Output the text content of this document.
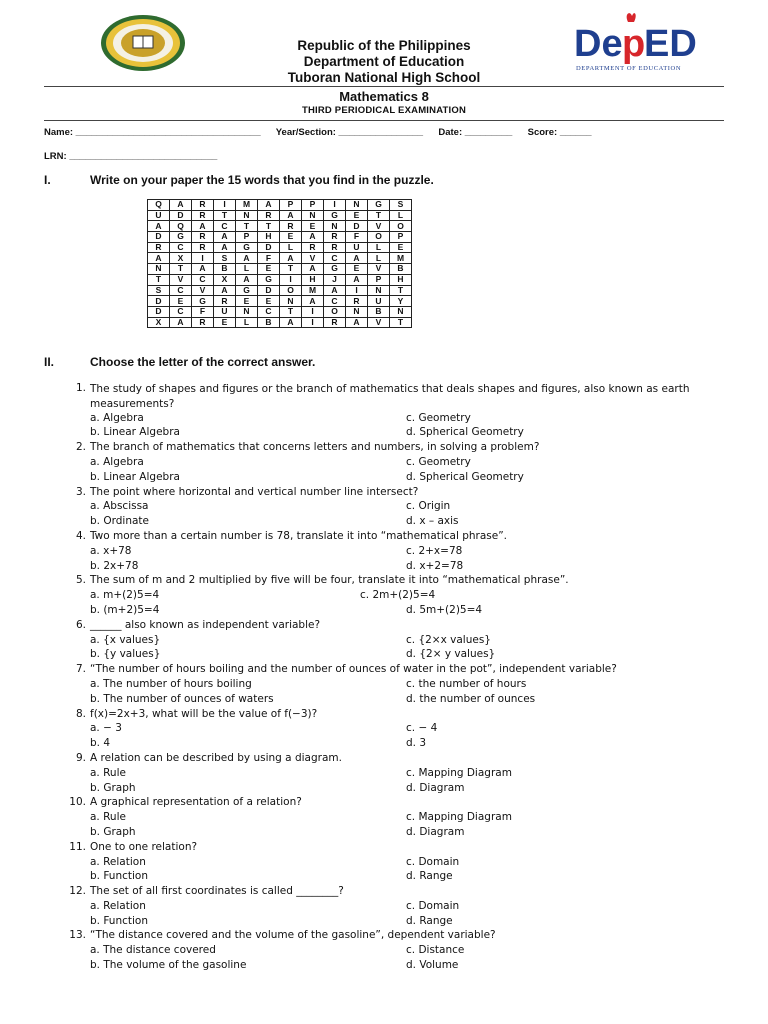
De p
ED
DEPARTMENT OF EDUCATION
Republic of the Philippines
Department of Education
Tuboran National High School
Mathematics 8
THIRD PERIODICAL EXAMINATION
Name: ___________________________________ Year/Section: ________________ Date: _________ Score: ______
LRN: ____________________________
I.	Write on your paper the 15 words that you find in the puzzle.
Q	A	R	I	M	A	P	P	I	N	G	S
U	D	R	T	N	R	A	N	G	E	T	L
A	Q	A	C	T	T	R	E	N	D	V	O
D	G	R	A	P	H	E	A	R	F	O	P
R	C	R	A	G	D	L	R	R	U	L	E
A	X	I	S	A	F	A	V	C	A	L	M
N	T	A	B	L	E	T	A	G	E	V	B
T	V	C	X	A	G	I	H	J	A	P	H
S	C	V	A	G	D	O	M	A	I	N	T
D	E	G	R	E	E	N	A	C	R	U	Y
D	C	F	U	N	C	T	I	O	N	B	N
X	A	R	E	L	B	A	I	R	A	V	T
II.	Choose the letter of the correct answer.
1. The study of shapes and figures or the branch of mathematics that deals shapes and figures, also known as earth measurements?
a. Algebra	c. Geometry
b. Linear Algebra	d. Spherical Geometry
2. The branch of mathematics that concerns letters and numbers, in solving a problem?
a. Algebra	c. Geometry
b. Linear Algebra	d. Spherical Geometry
3. The point where horizontal and vertical number line intersect?
a. Abscissa	c. Origin
b. Ordinate	d. x – axis
4. Two more than a certain number is 78, translate it into “mathematical phrase”.
a. x+78	c. 2+x=78
b. 2x+78	d. x+2=78
5. The sum of m and 2 multiplied by five will be four, translate it into “mathematical phrase”.
a. m+(2)5=4	c. 2m+(2)5=4
b. (m+2)5=4	d. 5m+(2)5=4
6. ______ also known as independent variable?
a. {x values}	c. {2×x values}
b. {y values}	d. {2× y values}
7. “The number of hours boiling and the number of ounces of water in the pot”, independent variable?
a. The number of hours boiling	c. the number of hours
b. The number of ounces of waters	d. the number of ounces
8. f(x)=2x+3, what will be the value of f(−3)?
a. − 3	c. − 4
b. 4	d. 3
9. A relation can be described by using a diagram.
a. Rule	c. Mapping Diagram
b. Graph	d. Diagram
10. A graphical representation of a relation?
a. Rule	c. Mapping Diagram
b. Graph	d. Diagram
11. One to one relation?
a. Relation	c. Domain
b. Function	d. Range
12. The set of all first coordinates is called ________?
a. Relation	c. Domain
b. Function	d. Range
13. “The distance covered and the volume of the gasoline”, dependent variable?
a. The distance covered	c. Distance
b. The volume of the gasoline	d. Volume
